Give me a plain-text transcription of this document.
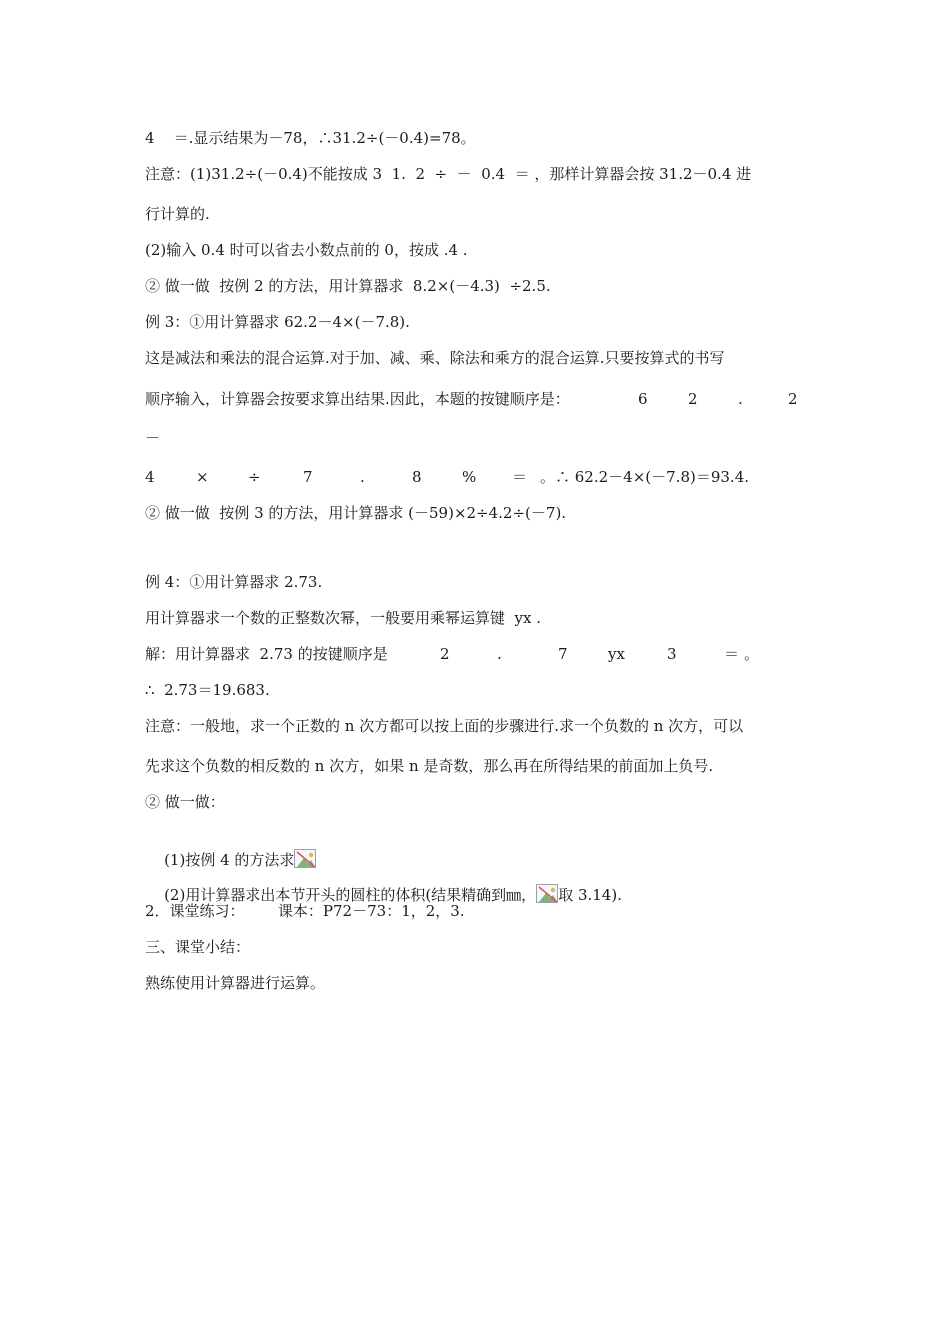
4    ＝.显示结果为－78，∴31.2÷(－0.4)=78。
注意：(1)31.2÷(－0.4)不能按成 3  1.  2  ÷  －  0.4  ＝ ，那样计算器会按 31.2－0.4 进
行计算的.
(2)输入 0.4 时可以省去小数点前的 0，按成 .4 .
② 做一做  按例 2 的方法，用计算器求  8.2×(－4.3)  ÷2.5.
例 3：①用计算器求 62.2－4×(－7.8).
这是减法和乘法的混合运算.对于加、减、乘、除法和乘方的混合运算.只要按算式的书写
顺序输入，计算器会按要求算出结果.因此，本题的按键顺序是：	6	2	.	2
－
4	×	÷	7	.	8	% ＝ 。∴ 62.2－4×(－7.8)＝93.4.
② 做一做  按例 3 的方法，用计算器求 (－59)×2÷4.2÷(－7).
例 4：①用计算器求 2.73.
用计算器求一个数的正整数次幂，一般要用乘幂运算键  yx .
解：用计算器求  2.73 的按键顺序是	2	.	7	yx	3	＝ 。
∴  2.73＝19.683.
注意：一般地，求一个正数的 n 次方都可以按上面的步骤进行.求一个负数的 n 次方，可以
先求这个负数的相反数的 n 次方，如果 n 是奇数，那么再在所得结果的前面加上负号.
② 做一做：

(1)按例 4 的方法求

(2)用计算器求出本节开头的圆柱的体积(结果精确到㎜， 取 3.14).

2．课堂练习：       课本：P72－73：1，2，3.
三、课堂小结：
熟练使用计算器进行运算。
